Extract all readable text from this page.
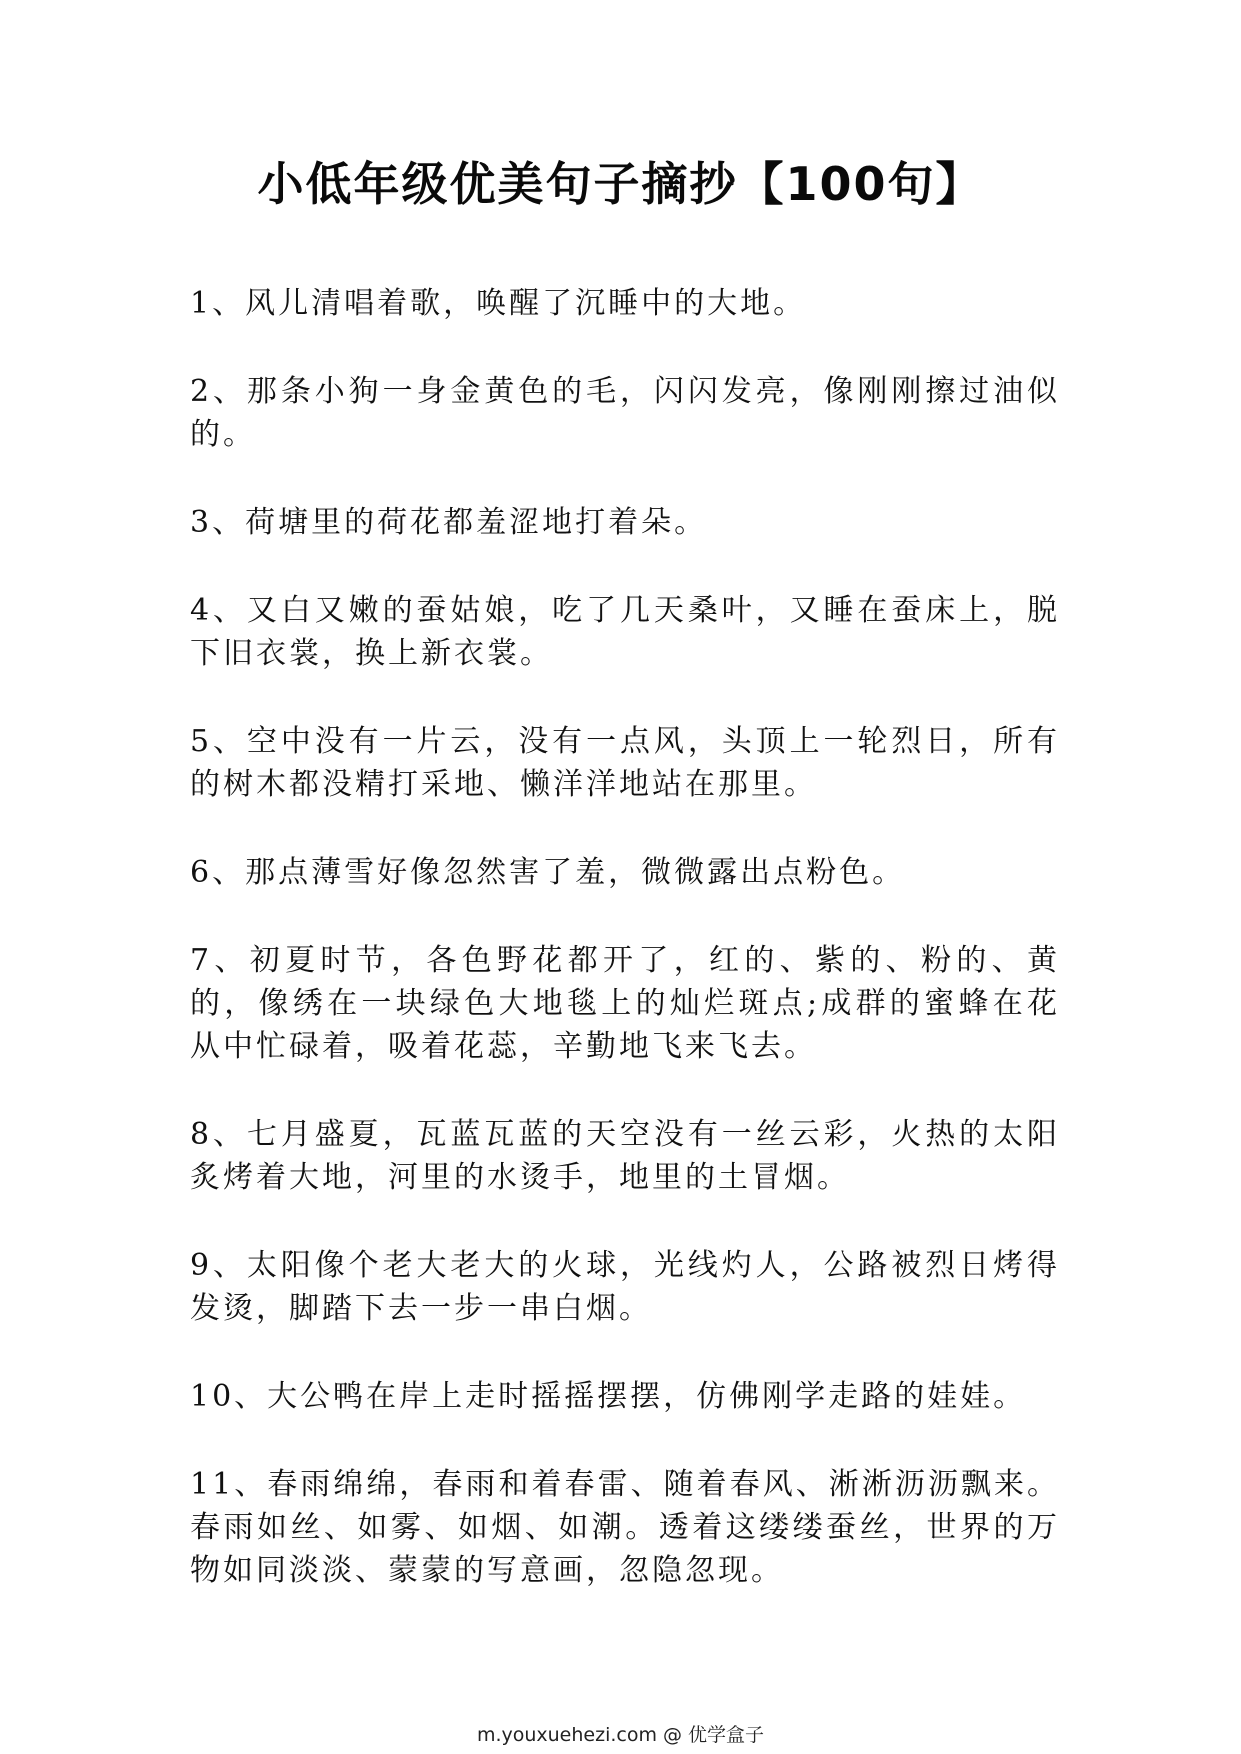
小低年级优美句子摘抄【100句】
1、风儿清唱着歌，唤醒了沉睡中的大地。
2、那条小狗一身金黄色的毛，闪闪发亮，像刚刚擦过油似的。
3、荷塘里的荷花都羞涩地打着朵。
4、又白又嫩的蚕姑娘，吃了几天桑叶，又睡在蚕床上，脱下旧衣裳，换上新衣裳。
5、空中没有一片云，没有一点风，头顶上一轮烈日，所有的树木都没精打采地、懒洋洋地站在那里。
6、那点薄雪好像忽然害了羞，微微露出点粉色。
7、初夏时节，各色野花都开了，红的、紫的、粉的、黄的，像绣在一块绿色大地毯上的灿烂斑点;成群的蜜蜂在花从中忙碌着，吸着花蕊，辛勤地飞来飞去。
8、七月盛夏，瓦蓝瓦蓝的天空没有一丝云彩，火热的太阳炙烤着大地，河里的水烫手，地里的土冒烟。
9、太阳像个老大老大的火球，光线灼人，公路被烈日烤得发烫，脚踏下去一步一串白烟。
10、大公鸭在岸上走时摇摇摆摆，仿佛刚学走路的娃娃。
11、春雨绵绵，春雨和着春雷、随着春风、淅淅沥沥飘来。春雨如丝、如雾、如烟、如潮。透着这缕缕蚕丝，世界的万物如同淡淡、蒙蒙的写意画，忽隐忽现。
m.youxuehezi.com @ 优学盒子
